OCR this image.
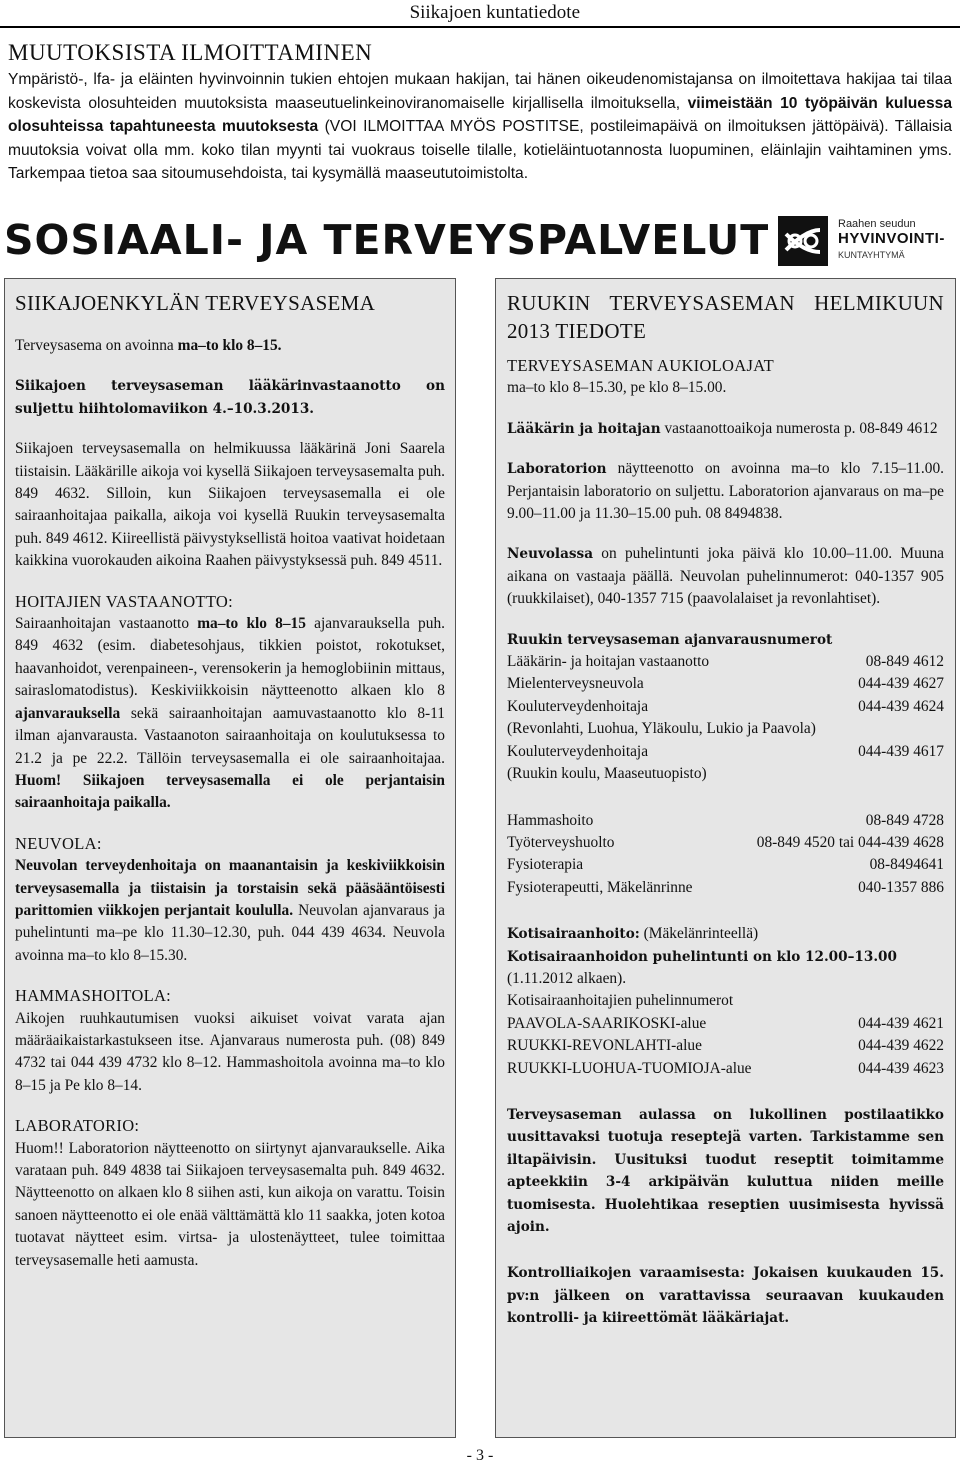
Siikajoen kuntatiedote
MUUTOKSISTA ILMOITTAMINEN
Ympäristö-, lfa- ja eläinten hyvinvoinnin tukien ehtojen mukaan hakijan, tai hänen oikeudenomistajansa on ilmoitettava hakijaa tai tilaa koskevista olosuhteiden muutoksista maaseutuelinkeinoviranomaiselle kirjallisella ilmoituksella, viimeistään 10 työpäivän kuluessa olosuhteissa tapahtuneesta muutoksesta (VOI ILMOITTAA MYÖS POSTITSE, postileimapäivä on ilmoituksen jättöpäivä). Tällaisia muutoksia voivat olla mm. koko tilan myynti tai vuokraus toiselle tilalle, kotieläintuotannosta luopuminen, eläinlajin vaihtaminen yms. Tarkempaa tietoa saa sitoumusehdoista, tai kysymällä maaseututoimistolta.
SOSIAALI- JA TERVEYSPALVELUT	Raahen seudun
HYVINVOINTI-
KUNTAYHTYMÄ
SIIKAJOENKYLÄN TERVEYSASEMA

Terveysasema on avoinna ma–to klo 8–15.

Siikajoen terveysaseman lääkärinvastaanotto on suljettu hiihtolomaviikon 4.–10.3.2013.

Siikajoen terveysasemalla on helmikuussa lääkärinä Joni Saarela tiistaisin. Lääkärille aikoja voi kysellä Siikajoen terveysasemalta puh. 849 4632. Silloin, kun Siikajoen terveysasemalla ei ole sairaanhoitajaa paikalla, aikoja voi kysellä Ruukin terveysasemalta puh. 849 4612. Kiireellistä päivystyksellistä hoitoa vaativat hoidetaan kaikkina vuorokauden aikoina Raahen päivystyksessä puh. 849 4511.

HOITAJIEN VASTAANOTTO:

Sairaanhoitajan vastaanotto ma–to klo 8–15 ajanvarauksella puh. 849 4632 (esim. diabetesohjaus, tikkien poistot, rokotukset, haavanhoidot, verenpaineen-, verensokerin ja hemoglobiinin mittaus, sairaslomatodistus). Keskiviikkoisin näytteenotto alkaen klo 8 ajanvarauksella sekä sairaanhoitajan aamuvastaanotto klo 8-11 ilman ajanvarausta. Vastaanoton sairaanhoitaja on koulutuksessa to 21.2 ja pe 22.2. Tällöin terveysasemalla ei ole sairaanhoitajaa. Huom! Siikajoen terveysasemalla ei ole perjantaisin sairaanhoitaja paikalla.

NEUVOLA:

Neuvolan terveydenhoitaja on maanantaisin ja keskiviikkoisin terveysasemalla ja tiistaisin ja torstaisin sekä pääsääntöisesti parittomien viikkojen perjantait koululla. Neuvolan ajanvaraus ja puhelintunti ma–pe klo 11.30–12.30, puh. 044 439 4634. Neuvola avoinna ma–to klo 8–15.30.

HAMMASHOITOLA:

Aikojen ruuhkautumisen vuoksi aikuiset voivat varata ajan määräaikaistarkastukseen itse. Ajanvaraus numerosta puh. (08) 849 4732 tai 044 439 4732 klo 8–12. Hammashoitola avoinna ma–to klo 8–15 ja Pe klo 8–14.

LABORATORIO:

Huom!! Laboratorion näytteenotto on siirtynyt ajanvaraukselle. Aika varataan puh. 849 4838 tai Siikajoen terveysasemalta puh. 849 4632. Näytteenotto on alkaen klo 8 siihen asti, kun aikoja on varattu. Toisin sanoen näytteenotto ei ole enää välttämättä klo 11 saakka, joten kotoa tuotavat näytteet esim. virtsa- ja ulostenäytteet, tulee toimittaa terveysasemalle heti aamusta.

RUUKIN TERVEYSASEMAN HELMIKUUN 2013 TIEDOTE

TERVEYSASEMAN AUKIOLOAJAT

ma–to klo 8–15.30, pe klo 8–15.00.

Lääkärin ja hoitajan vastaanottoaikoja numerosta p. 08-849 4612

Laboratorion näytteenotto on avoinna ma–to klo 7.15–11.00. Perjantaisin laboratorio on suljettu. Laboratorion ajanvaraus on ma–pe 9.00–11.00 ja 11.30–15.00 puh. 08 8494838.

Neuvolassa on puhelintunti joka päivä klo 10.00–11.00. Muuna aikana on vastaaja päällä. Neuvolan puhelinnumerot: 040-1357 905 (ruukkilaiset), 040-1357 715 (paavolalaiset ja revonlahtiset).

Ruukin terveysaseman ajanvarausnumerot

Lääkärin- ja hoitajan vastaanotto	08-849 4612
Mielenterveysneuvola	044-439 4627
Kouluterveydenhoitaja	044-439 4624
(Revonlahti, Luohua, Yläkoulu, Lukio ja Paavola)
Kouluterveydenhoitaja	044-439 4617
(Ruukin koulu, Maaseutuopisto)
Hammashoito	08-849 4728
Työterveyshuolto	08-849 4520 tai 044-439 4628
Fysioterapia	08-8494641
Fysioterapeutti, Mäkelänrinne	040-1357 886

Kotisairaanhoito: (Mäkelänrinteellä)

Kotisairaanhoidon puhelintunti on klo 12.00–13.00

(1.11.2012 alkaen).

Kotisairaanhoitajien puhelinnumerot

PAAVOLA-SAARIKOSKI-alue	044-439 4621
RUUKKI-REVONLAHTI-alue	044-439 4622
RUUKKI-LUOHUA-TUOMIOJA-alue	044-439 4623

Terveysaseman aulassa on lukollinen postilaatikko uusittavaksi tuotuja reseptejä varten. Tarkistamme sen iltapäivisin. Uusituksi tuodut reseptit toimitamme apteekkiin 3-4 arkipäivän kuluttua niiden meille tuomisesta. Huolehtikaa reseptien uusimisesta hyvissä ajoin.

Kontrolliaikojen varaamisesta: Jokaisen kuukauden 15. pv:n jälkeen on varattavissa seuraavan kuukauden kontrolli- ja kiireettömät lääkäriajat.

- 3 -
